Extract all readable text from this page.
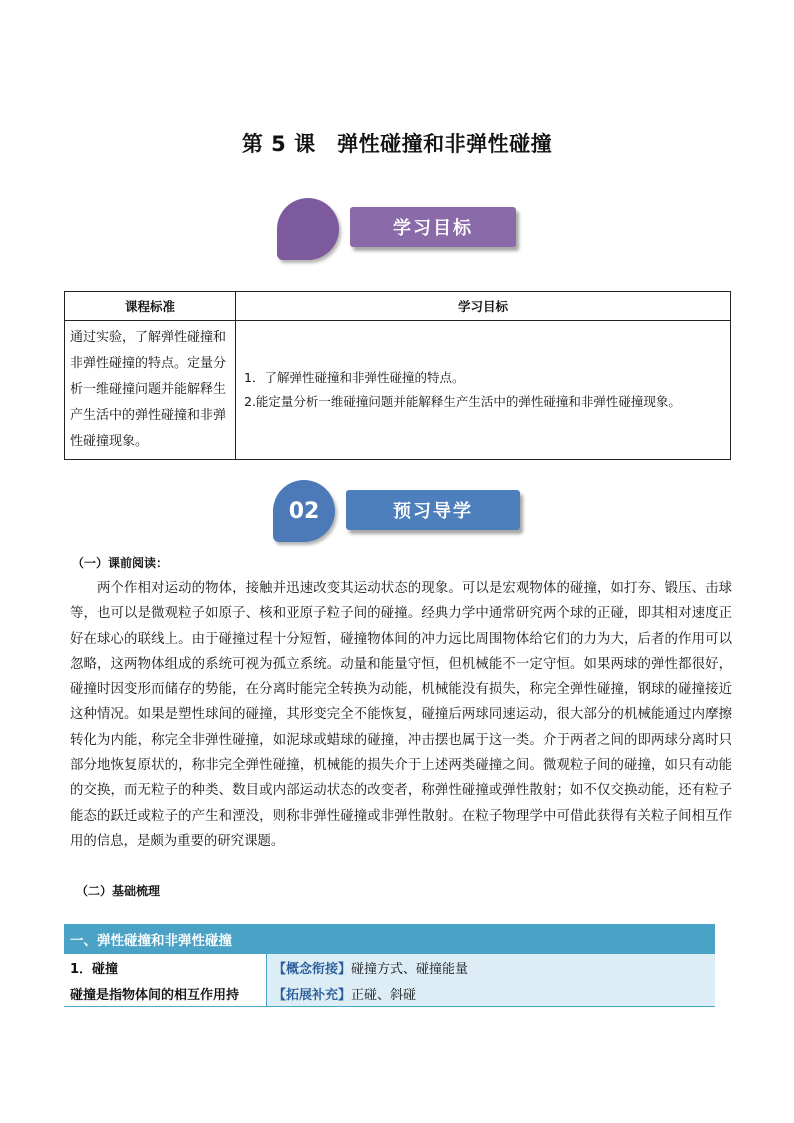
第 5 课　弹性碰撞和非弹性碰撞
学习目标
课程标准	学习目标
通过实验，了解弹性碰撞和非弹性碰撞的特点。定量分析一维碰撞问题并能解释生产生活中的弹性碰撞和非弹性碰撞现象。	1．了解弹性碰撞和非弹性碰撞的特点。
2.能定量分析一维碰撞问题并能解释生产生活中的弹性碰撞和非弹性碰撞现象。
02	预习导学
（一）课前阅读：

两个作相对运动的物体，接触并迅速改变其运动状态的现象。可以是宏观物体的碰撞，如打夯、锻压、击球等，也可以是微观粒子如原子、核和亚原子粒子间的碰撞。经典力学中通常研究两个球的正碰，即其相对速度正好在球心的联线上。由于碰撞过程十分短暂，碰撞物体间的冲力远比周围物体给它们的力为大，后者的作用可以忽略，这两物体组成的系统可视为孤立系统。动量和能量守恒，但机械能不一定守恒。如果两球的弹性都很好，碰撞时因变形而储存的势能，在分离时能完全转换为动能，机械能没有损失，称完全弹性碰撞，钢球的碰撞接近这种情况。如果是塑性球间的碰撞，其形变完全不能恢复，碰撞后两球同速运动，很大部分的机械能通过内摩擦转化为内能，称完全非弹性碰撞，如泥球或蜡球的碰撞，冲击摆也属于这一类。介于两者之间的即两球分离时只部分地恢复原状的，称非完全弹性碰撞，机械能的损失介于上述两类碰撞之间。微观粒子间的碰撞，如只有动能的交换，而无粒子的种类、数目或内部运动状态的改变者，称弹性碰撞或弹性散射；如不仅交换动能，还有粒子能态的跃迁或粒子的产生和湮没，则称非弹性碰撞或非弹性散射。在粒子物理学中可借此获得有关粒子间相互作用的信息，是颇为重要的研究课题。

（二）基础梳理
一、弹性碰撞和非弹性碰撞	
1．碰撞	【概念衔接】碰撞方式、碰撞能量
碰撞是指物体间的相互作用持	【拓展补充】正碰、斜碰
